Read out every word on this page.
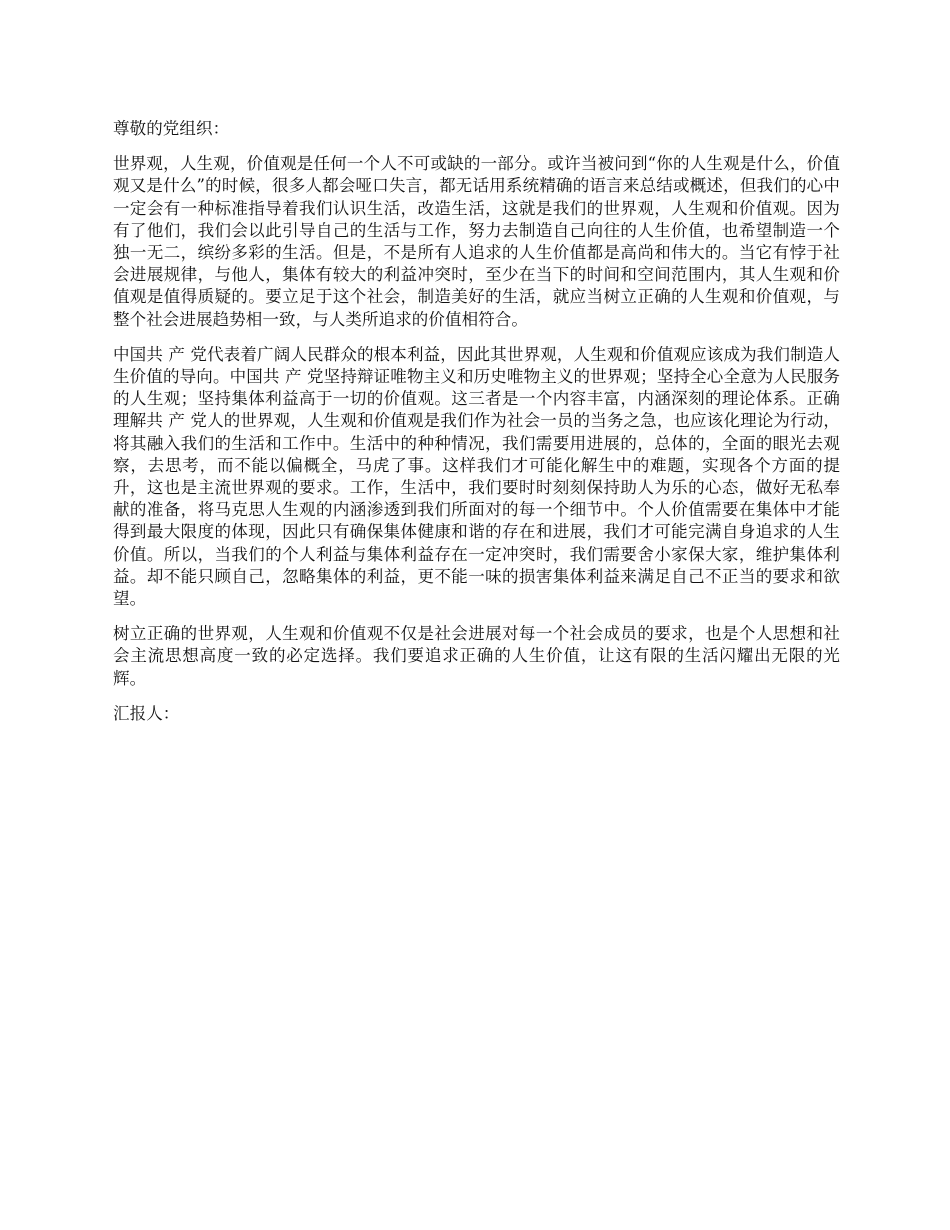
尊敬的党组织：

世界观，人生观，价值观是任何一个人不可或缺的一部分。或许当被问到“你的人生观是什么，价值观又是什么”的时候，很多人都会哑口失言，都无话用系统精确的语言来总结或概述，但我们的心中一定会有一种标准指导着我们认识生活，改造生活，这就是我们的世界观，人生观和价值观。因为有了他们，我们会以此引导自己的生活与工作，努力去制造自己向往的人生价值，也希望制造一个独一无二，缤纷多彩的生活。但是，不是所有人追求的人生价值都是高尚和伟大的。当它有悖于社会进展规律，与他人，集体有较大的利益冲突时，至少在当下的时间和空间范围内，其人生观和价值观是值得质疑的。要立足于这个社会，制造美好的生活，就应当树立正确的人生观和价值观，与整个社会进展趋势相一致，与人类所追求的价值相符合。

中国共 产 党代表着广阔人民群众的根本利益，因此其世界观，人生观和价值观应该成为我们制造人生价值的导向。中国共 产 党坚持辩证唯物主义和历史唯物主义的世界观；坚持全心全意为人民服务的人生观；坚持集体利益高于一切的价值观。这三者是一个内容丰富，内涵深刻的理论体系。正确理解共 产 党人的世界观，人生观和价值观是我们作为社会一员的当务之急，也应该化理论为行动，将其融入我们的生活和工作中。生活中的种种情况，我们需要用进展的，总体的，全面的眼光去观察，去思考，而不能以偏概全，马虎了事。这样我们才可能化解生中的难题，实现各个方面的提升，这也是主流世界观的要求。工作，生活中，我们要时时刻刻保持助人为乐的心态，做好无私奉献的准备，将马克思人生观的内涵渗透到我们所面对的每一个细节中。个人价值需要在集体中才能得到最大限度的体现，因此只有确保集体健康和谐的存在和进展，我们才可能完满自身追求的人生价值。所以，当我们的个人利益与集体利益存在一定冲突时，我们需要舍小家保大家，维护集体利益。却不能只顾自己，忽略集体的利益，更不能一味的损害集体利益来满足自己不正当的要求和欲望。

树立正确的世界观，人生观和价值观不仅是社会进展对每一个社会成员的要求，也是个人思想和社会主流思想高度一致的必定选择。我们要追求正确的人生价值，让这有限的生活闪耀出无限的光辉。

汇报人：
